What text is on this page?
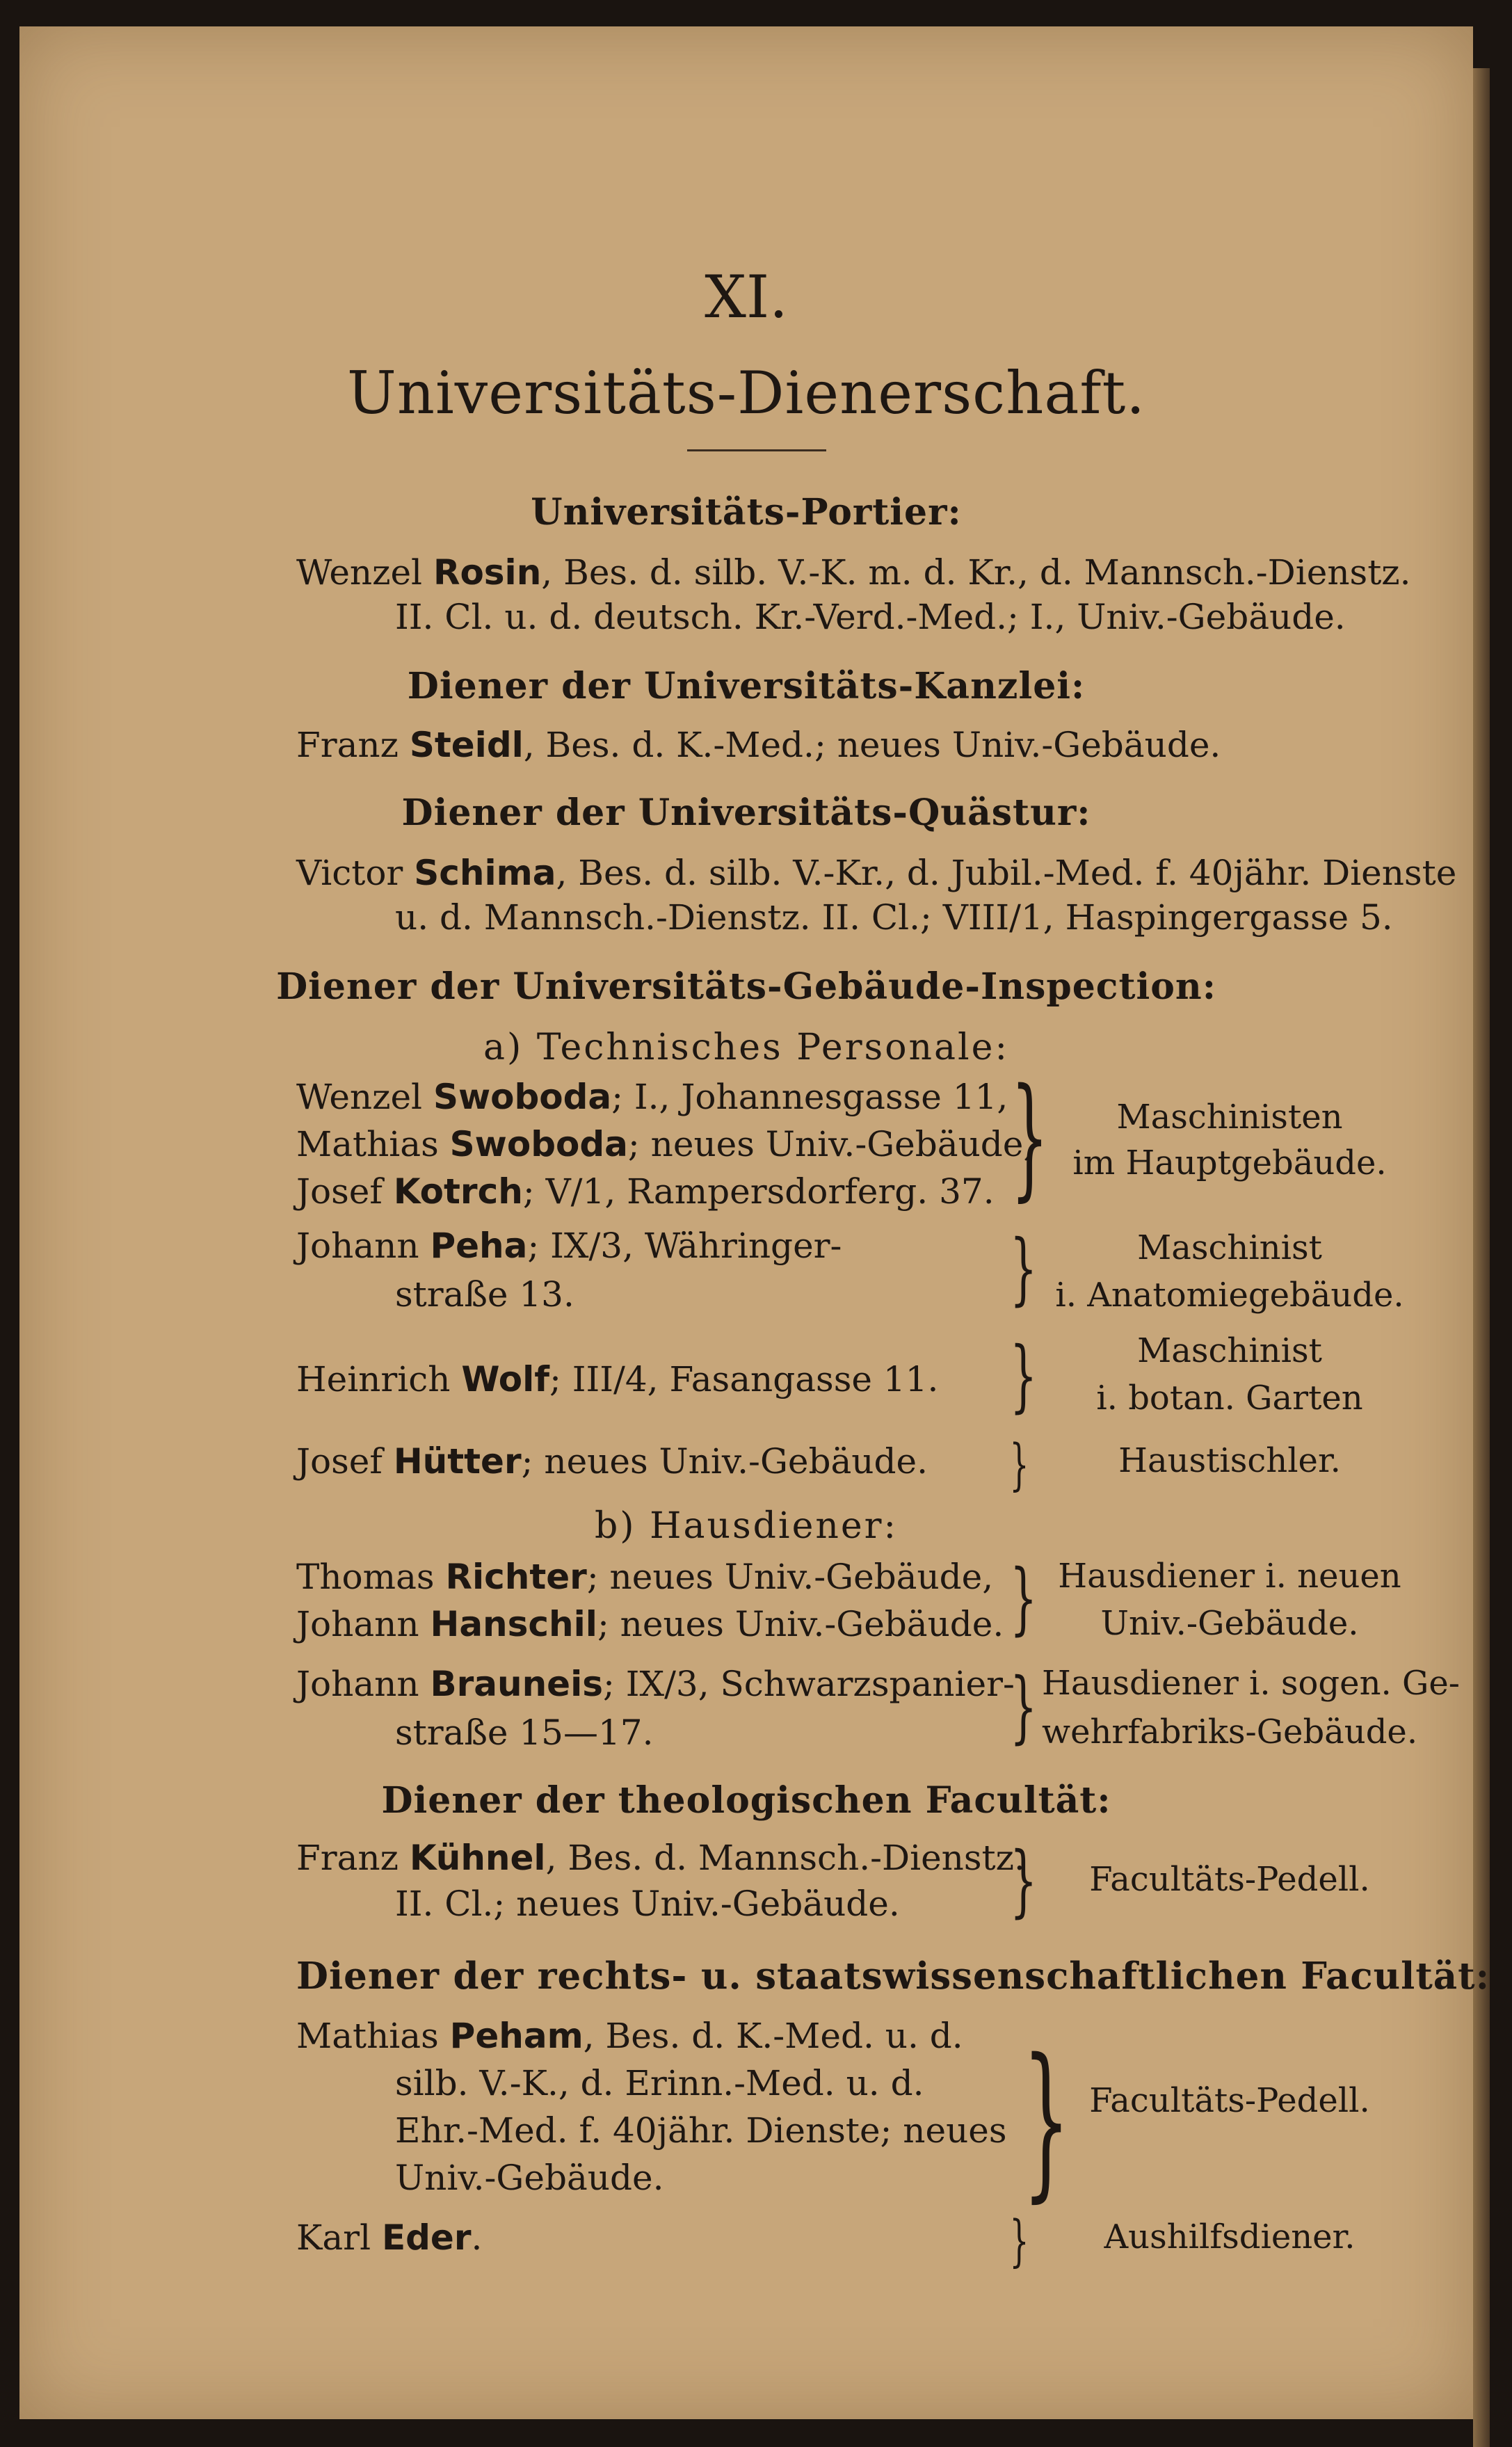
XI.
Universitäts-Dienerschaft.
Universitäts-Portier:
Wenzel Rosin, Bes. d. silb. V.-K. m. d. Kr., d. Mannsch.-Dienstz.
II. Cl. u. d. deutsch. Kr.-Verd.-Med.; I., Univ.-Gebäude.
Diener der Universitäts-Kanzlei:
Franz Steidl, Bes. d. K.-Med.; neues Univ.-Gebäude.
Diener der Universitäts-Quästur:
Victor Schima, Bes. d. silb. V.-Kr., d. Jubil.-Med. f. 40jähr. Dienste
u. d. Mannsch.-Dienstz. II. Cl.; VIII/1, Haspingergasse 5.
Diener der Universitäts-Gebäude-Inspection:
a) Technisches Personale:
Wenzel Swoboda; I., Johannesgasse 11,
Mathias Swoboda; neues Univ.-Gebäude,
Josef Kotrch; V/1, Rampersdorferg. 37. }	Maschinisten
im Hauptgebäude.
Johann Peha; IX/3, Währinger-
straße 13.	}	Maschinist
i. Anatomiegebäude.
Heinrich Wolf; III/4, Fasangasse 11. }	Maschinist
i. botan. Garten
Josef Hütter; neues Univ.-Gebäude. }	Haustischler.
b) Hausdiener:
Thomas Richter; neues Univ.-Gebäude,
Johann Hanschil; neues Univ.-Gebäude. } Hausdiener i. neuen
Univ.-Gebäude.
Johann Brauneis; IX/3, Schwarzspanier-
straße 15—17.	} Hausdiener i. sogen. Ge-
wehrfabriks-Gebäude.
Diener der theologischen Facultät:
Franz Kühnel, Bes. d. Mannsch.-Dienstz.
II. Cl.; neues Univ.-Gebäude. }	Facultäts-Pedell.
Diener der rechts- u. staatswissenschaftlichen Facultät:
Mathias Peham, Bes. d. K.-Med. u. d.
silb. V.-K., d. Erinn.-Med. u. d.
Ehr.-Med. f. 40jähr. Dienste; neues
Univ.-Gebäude. } Facultäts-Pedell.
Karl Eder.	}	Aushilfsdiener.
